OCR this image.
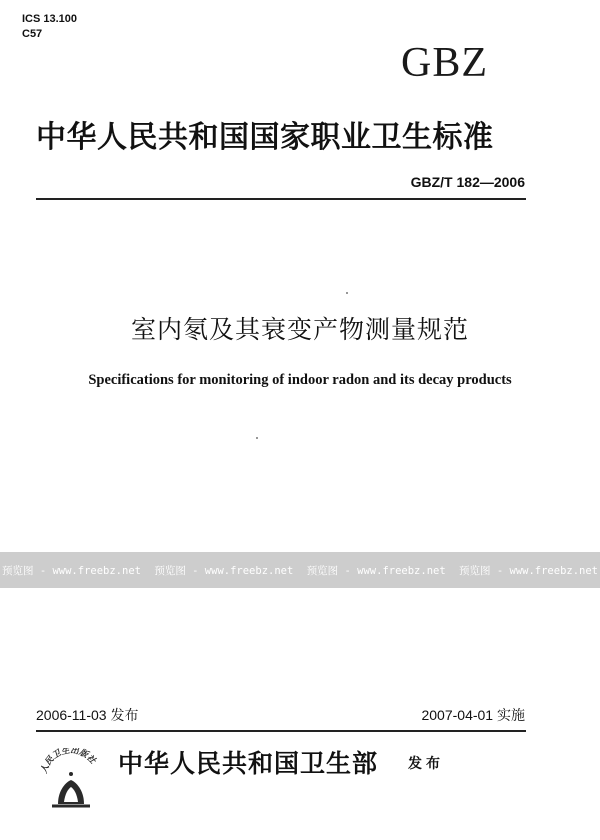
ICS 13.100
C57
GBZ
中华人民共和国国家职业卫生标准
GBZ/T 182—2006
室内氡及其衰变产物测量规范
Specifications for monitoring of indoor radon and its decay products
预览图 - www.freebz.net 预览图 - www.freebz.net 预览图 - www.freebz.net 预览图 - www.freebz.net
2006-11-03 发布	2007-04-01 实施
人民卫生出版社 中华人民共和国卫生部 发布
